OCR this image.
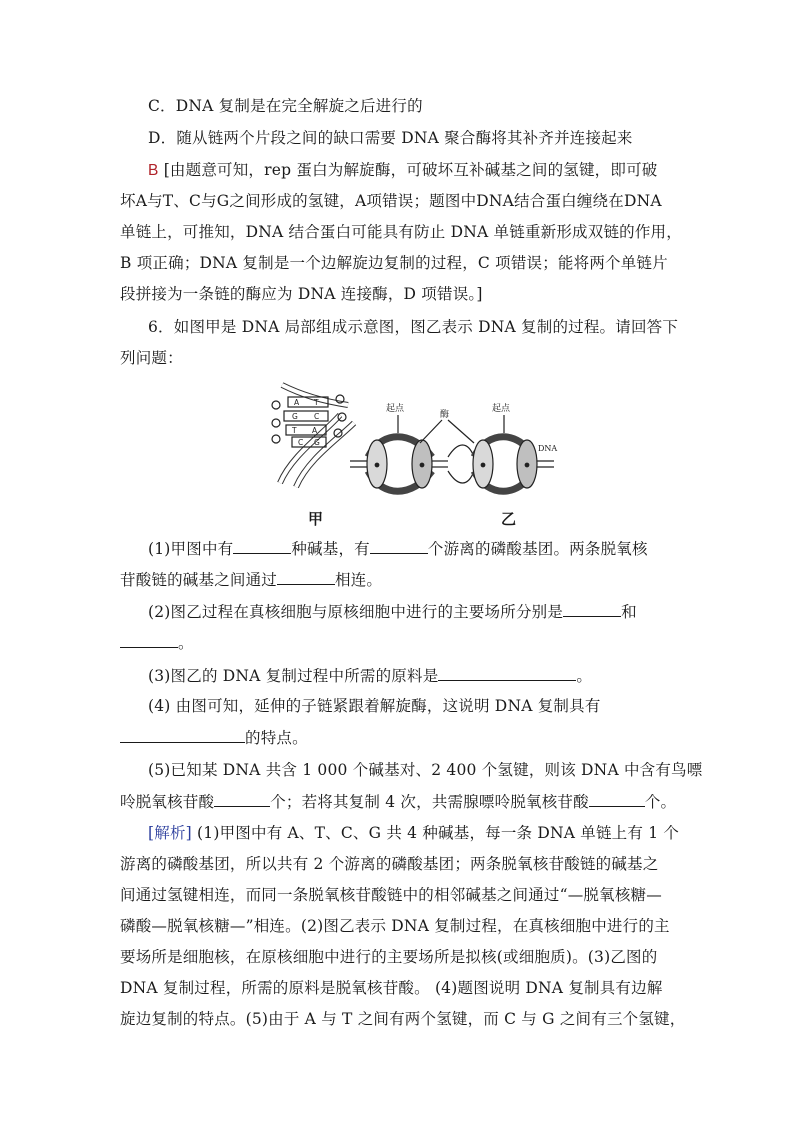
C．DNA 复制是在完全解旋之后进行的
D．随从链两个片段之间的缺口需要 DNA 聚合酶将其补齐并连接起来
B [由题意可知，rep 蛋白为解旋酶，可破坏互补碱基之间的氢键，即可破
坏A与T、C与G之间形成的氢键，A项错误；题图中DNA结合蛋白缠绕在DNA
单链上，可推知，DNA 结合蛋白可能具有防止 DNA 单链重新形成双链的作用，
B 项正确；DNA 复制是一个边解旋边复制的过程，C 项错误；能将两个单链片
段拼接为一条链的酶应为 DNA 连接酶，D 项错误。]
6．如图甲是 DNA 局部组成示意图，图乙表示 DNA 复制的过程。请回答下
列问题：
A T
G C
T A
C G
起点
酶
起点
DNA
甲	乙
(1)甲图中有	种碱基，有	个游离的磷酸基团。两条脱氧核
苷酸链的碱基之间通过	相连。
(2)图乙过程在真核细胞与原核细胞中进行的主要场所分别是	和
。
(3)图乙的 DNA 复制过程中所需的原料是	。
(4) 由图可知，延伸的子链紧跟着解旋酶，这说明 DNA 复制具有
的特点。
(5)已知某 DNA 共含 1 000 个碱基对、2 400 个氢键，则该 DNA 中含有鸟嘌
呤脱氧核苷酸	个；若将其复制 4 次，共需腺嘌呤脱氧核苷酸	个。
[解析] (1)甲图中有 A、T、C、G 共 4 种碱基，每一条 DNA 单链上有 1 个
游离的磷酸基团，所以共有 2 个游离的磷酸基团；两条脱氧核苷酸链的碱基之
间通过氢键相连，而同一条脱氧核苷酸链中的相邻碱基之间通过“—脱氧核糖—
磷酸—脱氧核糖—”相连。(2)图乙表示 DNA 复制过程，在真核细胞中进行的主
要场所是细胞核，在原核细胞中进行的主要场所是拟核(或细胞质)。(3)乙图的
DNA 复制过程，所需的原料是脱氧核苷酸。 (4)题图说明 DNA 复制具有边解
旋边复制的特点。(5)由于 A 与 T 之间有两个氢键，而 C 与 G 之间有三个氢键，
